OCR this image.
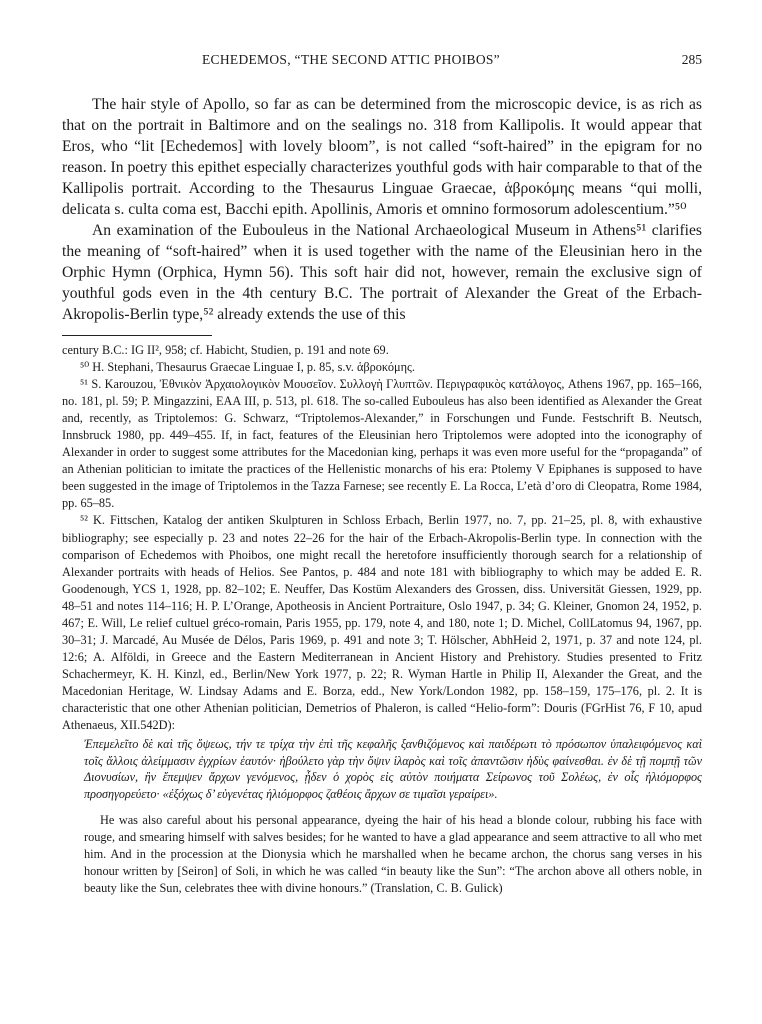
ECHEDEMOS, “THE SECOND ATTIC PHOIBOS”	285

The hair style of Apollo, so far as can be determined from the microscopic device, is as rich as that on the portrait in Baltimore and on the sealings no. 318 from Kallipolis. It would appear that Eros, who “lit [Echedemos] with lovely bloom”, is not called “soft-haired” in the epigram for no reason. In poetry this epithet especially characterizes youthful gods with hair comparable to that of the Kallipolis portrait. According to the Thesaurus Linguae Graecae, ἁβροκόμης means “qui molli, delicata s. culta coma est, Bacchi epith. Apollinis, Amoris et omnino formosorum adolescentium.”⁵⁰

An examination of the Eubouleus in the National Archaeological Museum in Athens⁵¹ clarifies the meaning of “soft-haired” when it is used together with the name of the Eleusinian hero in the Orphic Hymn (Orphica, Hymn 56). This soft hair did not, however, remain the exclusive sign of youthful gods even in the 4th century B.C. The portrait of Alexander the Great of the Erbach-Akropolis-Berlin type,⁵² already extends the use of this

century B.C.: IG II², 958; cf. Habicht, Studien, p. 191 and note 69.

⁵⁰ H. Stephani, Thesaurus Graecae Linguae I, p. 85, s.v. ἁβροκόμης.

⁵¹ S. Karouzou, Ἐθνικὸν Ἀρχαιολογικὸν Μουσεῖον. Συλλογὴ Γλυπτῶν. Περιγραφικὸς κατάλογος, Athens 1967, pp. 165–166, no. 181, pl. 59; P. Mingazzini, EAA III, p. 513, pl. 618. The so-called Eubouleus has also been identified as Alexander the Great and, recently, as Triptolemos: G. Schwarz, “Triptolemos-Alexander,” in Forschungen und Funde. Festschrift B. Neutsch, Innsbruck 1980, pp. 449–455. If, in fact, features of the Eleusinian hero Triptolemos were adopted into the iconography of Alexander in order to suggest some attributes for the Macedonian king, perhaps it was even more useful for the “propaganda” of an Athenian politician to imitate the practices of the Hellenistic monarchs of his era: Ptolemy V Epiphanes is supposed to have been suggested in the image of Triptolemos in the Tazza Farnese; see recently E. La Rocca, L’età d’oro di Cleopatra, Rome 1984, pp. 65–85.

⁵² K. Fittschen, Katalog der antiken Skulpturen in Schloss Erbach, Berlin 1977, no. 7, pp. 21–25, pl. 8, with exhaustive bibliography; see especially p. 23 and notes 22–26 for the hair of the Erbach-Akropolis-Berlin type. In connection with the comparison of Echedemos with Phoibos, one might recall the heretofore insufficiently thorough search for a relationship of Alexander portraits with heads of Helios. See Pantos, p. 484 and note 181 with bibliography to which may be added E. R. Goodenough, YCS 1, 1928, pp. 82–102; E. Neuffer, Das Kostüm Alexanders des Grossen, diss. Universität Giessen, 1929, pp. 48–51 and notes 114–116; H. P. L’Orange, Apotheosis in Ancient Portraiture, Oslo 1947, p. 34; G. Kleiner, Gnomon 24, 1952, p. 467; E. Will, Le relief cultuel gréco-romain, Paris 1955, pp. 179, note 4, and 180, note 1; D. Michel, CollLatomus 94, 1967, pp. 30–31; J. Marcadé, Au Musée de Délos, Paris 1969, p. 491 and note 3; T. Hölscher, AbhHeid 2, 1971, p. 37 and note 124, pl. 12:6; A. Alföldi, in Greece and the Eastern Mediterranean in Ancient History and Prehistory. Studies presented to Fritz Schachermeyr, K. H. Kinzl, ed., Berlin/New York 1977, p. 22; R. Wyman Hartle in Philip II, Alexander the Great, and the Macedonian Heritage, W. Lindsay Adams and E. Borza, edd., New York/London 1982, pp. 158–159, 175–176, pl. 2. It is characteristic that one other Athenian politician, Demetrios of Phaleron, is called “Helio-form”: Douris (FGrHist 76, F 10, apud Athenaeus, XII.542D):

Ἐπεμελεῖτο δὲ καὶ τῆς ὄψεως, τήν τε τρίχα τὴν ἐπὶ τῆς κεφαλῆς ξανθιζόμενος καὶ παιδέρωτι τὸ πρόσωπον ὑπαλειφόμενος καὶ τοῖς ἄλλοις ἀλείμμασιν ἐγχρίων ἑαυτόν· ἠβούλετο γὰρ τὴν ὄψιν ἱλαρὸς καὶ τοῖς ἀπαντῶσιν ἡδὺς φαίνεσθαι. ἐν δὲ τῇ πομπῇ τῶν Διονυσίων, ἣν ἔπεμψεν ἄρχων γενόμενος, ᾖδεν ὁ χορὸς εἰς αὐτὸν ποιήματα Σείρωνος τοῦ Σολέως, ἐν οἷς ἡλιόμορφος προσηγορεύετο· «ἐξόχως δ’ εὐγενέτας ἡλιόμορφος ζαθέοις ἄρχων σε τιμαῖσι γεραίρει».

He was also careful about his personal appearance, dyeing the hair of his head a blonde colour, rubbing his face with rouge, and smearing himself with salves besides; for he wanted to have a glad appearance and seem attractive to all who met him. And in the procession at the Dionysia which he marshalled when he became archon, the chorus sang verses in his honour written by [Seiron] of Soli, in which he was called “in beauty like the Sun”: “The archon above all others noble, in beauty like the Sun, celebrates thee with divine honours.” (Translation, C. B. Gulick)
